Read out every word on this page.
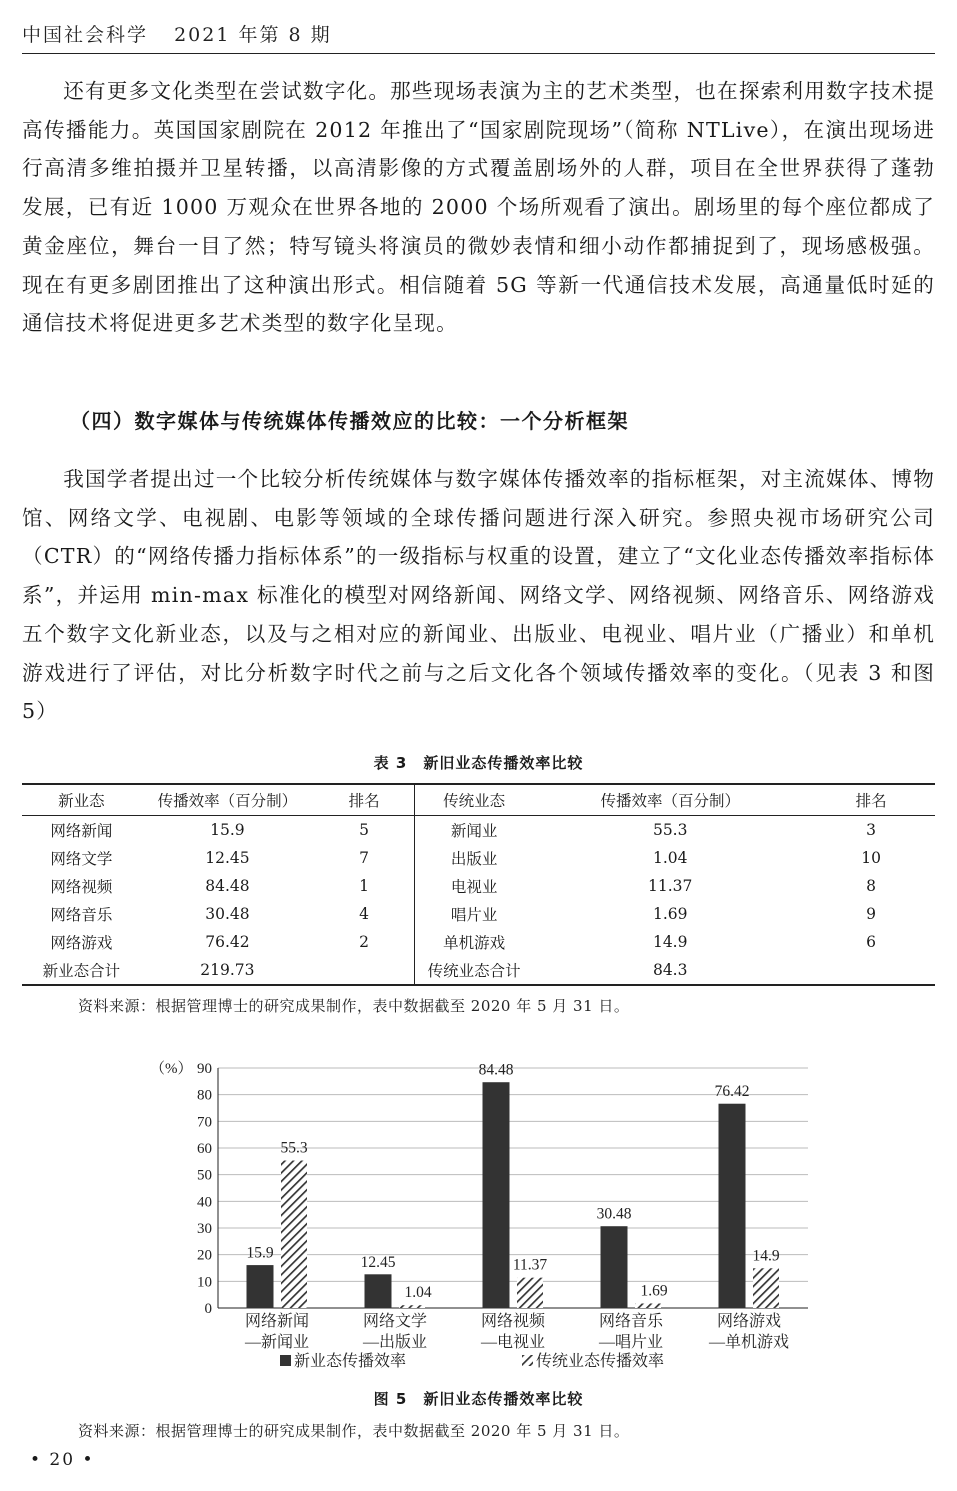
中国社会科学 2021 年第 8 期

还有更多文化类型在尝试数字化。那些现场表演为主的艺术类型，也在探索利用数字技术提高传播能力。英国国家剧院在 2012 年推出了“国家剧院现场”（简称 NTLive），在演出现场进行高清多维拍摄并卫星转播，以高清影像的方式覆盖剧场外的人群，项目在全世界获得了蓬勃发展，已有近 1000 万观众在世界各地的 2000 个场所观看了演出。剧场里的每个座位都成了黄金座位，舞台一目了然；特写镜头将演员的微妙表情和细小动作都捕捉到了，现场感极强。现在有更多剧团推出了这种演出形式。相信随着 5G 等新一代通信技术发展，高通量低时延的通信技术将促进更多艺术类型的数字化呈现。

（四）数字媒体与传统媒体传播效应的比较：一个分析框架

我国学者提出过一个比较分析传统媒体与数字媒体传播效率的指标框架，对主流媒体、博物馆、网络文学、电视剧、电影等领域的全球传播问题进行深入研究。参照央视市场研究公司（CTR）的“网络传播力指标体系”的一级指标与权重的设置，建立了“文化业态传播效率指标体系”，并运用 min-max 标准化的模型对网络新闻、网络文学、网络视频、网络音乐、网络游戏五个数字文化新业态，以及与之相对应的新闻业、出版业、电视业、唱片业（广播业）和单机游戏进行了评估，对比分析数字时代之前与之后文化各个领域传播效率的变化。（见表 3 和图 5）

表 3　新旧业态传播效率比较
新业态	传播效率（百分制）	排名	传统业态	传播效率（百分制）	排名
网络新闻	15.9	5	新闻业	55.3	3
网络文学	12.45	7	出版业	1.04	10
网络视频	84.48	1	电视业	11.37	8
网络音乐	30.48	4	唱片业	1.69	9
网络游戏	76.42	2	单机游戏	14.9	6
新业态合计	219.73		传统业态合计	84.3	
资料来源：根据管理博士的研究成果制作，表中数据截至 2020 年 5 月 31 日。
0
10
20
30
40
50
60
70
80
90
（%）
15.9
55.3
网络新闻
—新闻业
12.45
1.04
网络文学
—出版业
84.48
11.37
网络视频
—电视业
30.48
1.69
网络音乐
—唱片业
76.42
14.9
网络游戏
—单机游戏
新业态传播效率	传统业态传播效率
图 5　新旧业态传播效率比较
资料来源：根据管理博士的研究成果制作，表中数据截至 2020 年 5 月 31 日。
• 20 •
